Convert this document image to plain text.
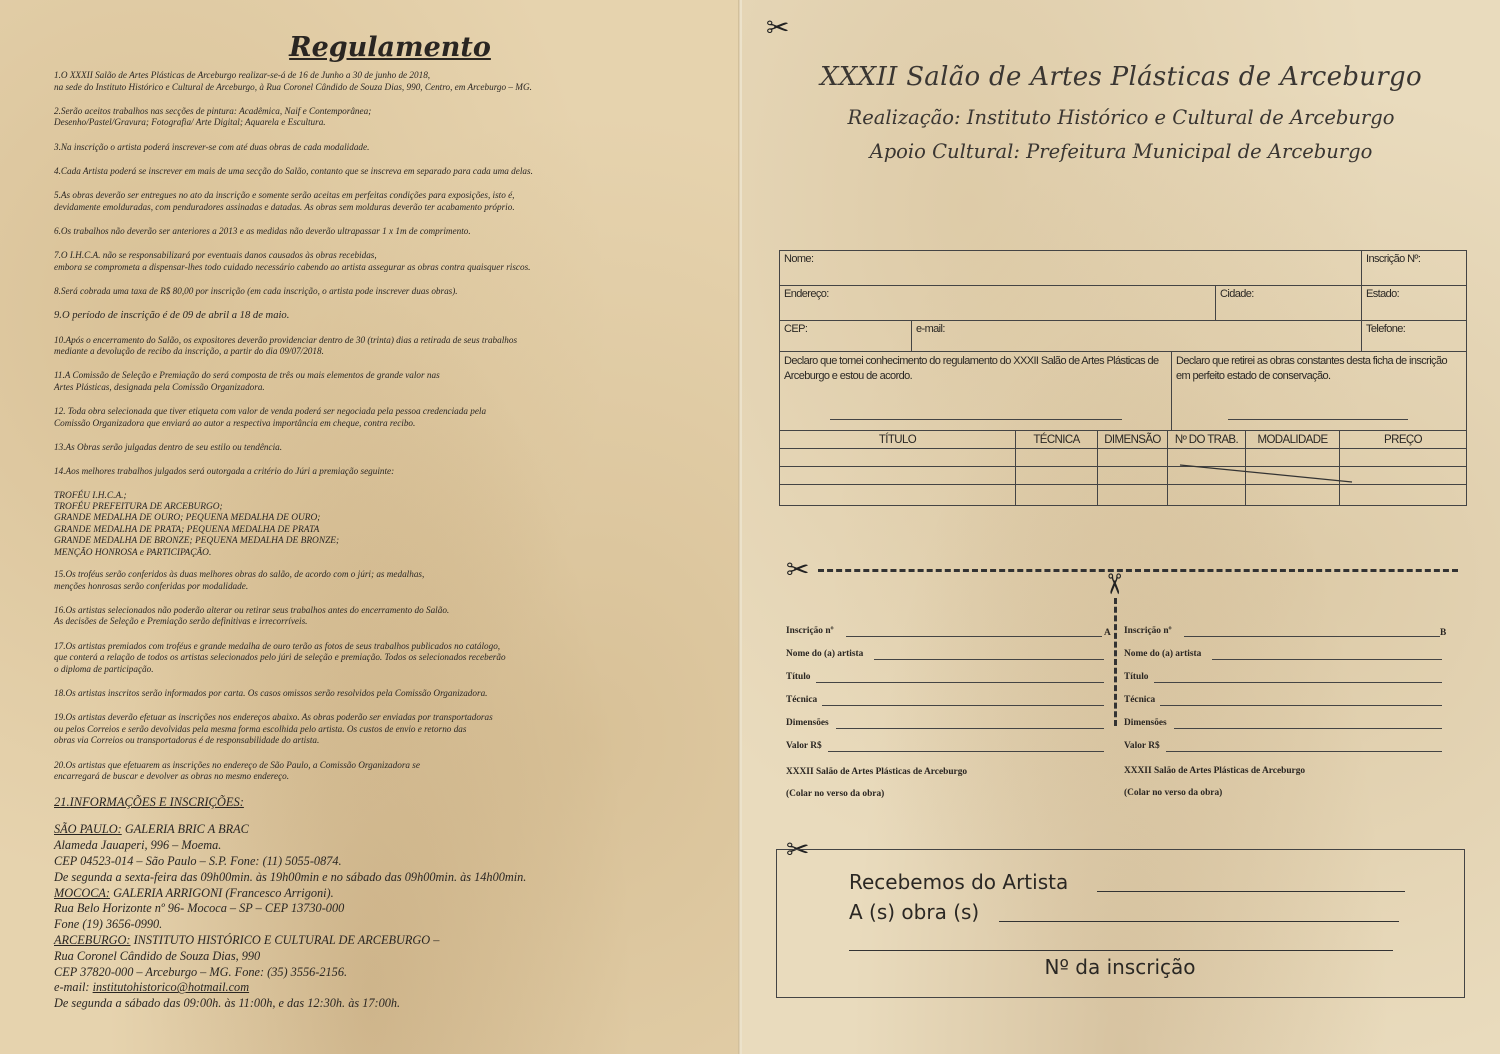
Regulamento
1.O XXXII Salão de Artes Plásticas de Arceburgo realizar-se-á de 16 de Junho a 30 de junho de 2018,
na sede do Instituto Histórico e Cultural de Arceburgo, à Rua Coronel Cândido de Souza Dias, 990, Centro, em Arceburgo – MG.
2.Serão aceitos trabalhos nas secções de pintura: Acadêmica, Naif e Contemporânea;
Desenho/Pastel/Gravura; Fotografia/ Arte Digital; Aquarela e Escultura.
3.Na inscrição o artista poderá inscrever-se com até duas obras de cada modalidade.
4.Cada Artista poderá se inscrever em mais de uma secção do Salão, contanto que se inscreva em separado para cada uma delas.
5.As obras deverão ser entregues no ato da inscrição e somente serão aceitas em perfeitas condições para exposições, isto é,
devidamente emolduradas, com penduradores assinadas e datadas. As obras sem molduras deverão ter acabamento próprio.
6.Os trabalhos não deverão ser anteriores a 2013 e as medidas não deverão ultrapassar 1 x 1m de comprimento.
7.O I.H.C.A. não se responsabilizará por eventuais danos causados às obras recebidas,
embora se comprometa a dispensar-lhes todo cuidado necessário cabendo ao artista assegurar as obras contra quaisquer riscos.
8.Será cobrada uma taxa de R$ 80,00 por inscrição (em cada inscrição, o artista pode inscrever duas obras).
9.O período de inscrição é de 09 de abril a 18 de maio.
10.Após o encerramento do Salão, os expositores deverão providenciar dentro de 30 (trinta) dias a retirada de seus trabalhos
mediante a devolução de recibo da inscrição, a partir do dia 09/07/2018.
11.A Comissão de Seleção e Premiação do será composta de três ou mais elementos de grande valor nas
Artes Plásticas, designada pela Comissão Organizadora.
12. Toda obra selecionada que tiver etiqueta com valor de venda poderá ser negociada pela pessoa credenciada pela
Comissão Organizadora que enviará ao autor a respectiva importância em cheque, contra recibo.
13.As Obras serão julgadas dentro de seu estilo ou tendência.
14.Aos melhores trabalhos julgados será outorgada a critério do Júri a premiação seguinte:
TROFÉU I.H.C.A.;
TROFÉU PREFEITURA DE ARCEBURGO;
GRANDE MEDALHA DE OURO; PEQUENA MEDALHA DE OURO;
GRANDE MEDALHA DE PRATA; PEQUENA MEDALHA DE PRATA
GRANDE MEDALHA DE BRONZE; PEQUENA MEDALHA DE BRONZE;
MENÇÃO HONROSA e PARTICIPAÇÃO.
15.Os troféus serão conferidos às duas melhores obras do salão, de acordo com o júri; as medalhas,
menções honrosas serão conferidas por modalidade.
16.Os artistas selecionados não poderão alterar ou retirar seus trabalhos antes do encerramento do Salão.
As decisões de Seleção e Premiação serão definitivas e irrecorríveis.
17.Os artistas premiados com troféus e grande medalha de ouro terão as fotos de seus trabalhos publicados no catálogo,
que conterá a relação de todos os artistas selecionados pelo júri de seleção e premiação. Todos os selecionados receberão
o diploma de participação.
18.Os artistas inscritos serão informados por carta. Os casos omissos serão resolvidos pela Comissão Organizadora.
19.Os artistas deverão efetuar as inscrições nos endereços abaixo. As obras poderão ser enviadas por transportadoras
ou pelos Correios e serão devolvidas pela mesma forma escolhida pelo artista. Os custos de envio e retorno das
obras via Correios ou transportadoras é de responsabilidade do artista.
20.Os artistas que efetuarem as inscrições no endereço de São Paulo, a Comissão Organizadora se
encarregará de buscar e devolver as obras no mesmo endereço.
21.INFORMAÇÕES E INSCRIÇÕES:
SÃO PAULO: GALERIA BRIC A BRAC
Alameda Jauaperi, 996 – Moema.
CEP 04523-014 – São Paulo – S.P. Fone: (11) 5055-0874.
De segunda a sexta-feira das 09h00min. às 19h00min e no sábado das 09h00min. às 14h00min.
MOCOCA: GALERIA ARRIGONI (Francesco Arrigoni).
Rua Belo Horizonte nº 96- Mococa – SP – CEP 13730-000
Fone (19) 3656-0990.
ARCEBURGO: INSTITUTO HISTÓRICO E CULTURAL DE ARCEBURGO –
Rua Coronel Cândido de Souza Dias, 990
CEP 37820-000 – Arceburgo – MG. Fone: (35) 3556-2156.
e-mail: institutohistorico@hotmail.com
De segunda a sábado das 09:00h. às 11:00h, e das 12:30h. às 17:00h.
✂
XXXII Salão de Artes Plásticas de Arceburgo
Realização: Instituto Histórico e Cultural de Arceburgo
Apoio Cultural: Prefeitura Municipal de Arceburgo
Nome:	Inscrição Nº:
Endereço:	Cidade:	Estado:
CEP:	e-mail:	Telefone:
Declaro que tomei conhecimento do regulamento do XXXII Salão de Artes Plásticas de Arceburgo e estou de acordo.
Declaro que retirei as obras constantes desta ficha de inscrição em perfeito estado de conservação.
TÍTULO	TÉCNICA	DIMENSÃO	Nº DO TRAB.	MODALIDADE	PREÇO
✂	✂
Inscrição nº
Nome do (a) artista
Título
Técnica
Dimensões
Valor R$
A
XXXII Salão de Artes Plásticas de Arceburgo
(Colar no verso da obra)
Inscrição nº
Nome do (a) artista
Título
Técnica
Dimensões
Valor R$
B
XXXII Salão de Artes Plásticas de Arceburgo
(Colar no verso da obra)
✂
Recebemos do Artista
A (s) obra (s)
Nº da inscrição
